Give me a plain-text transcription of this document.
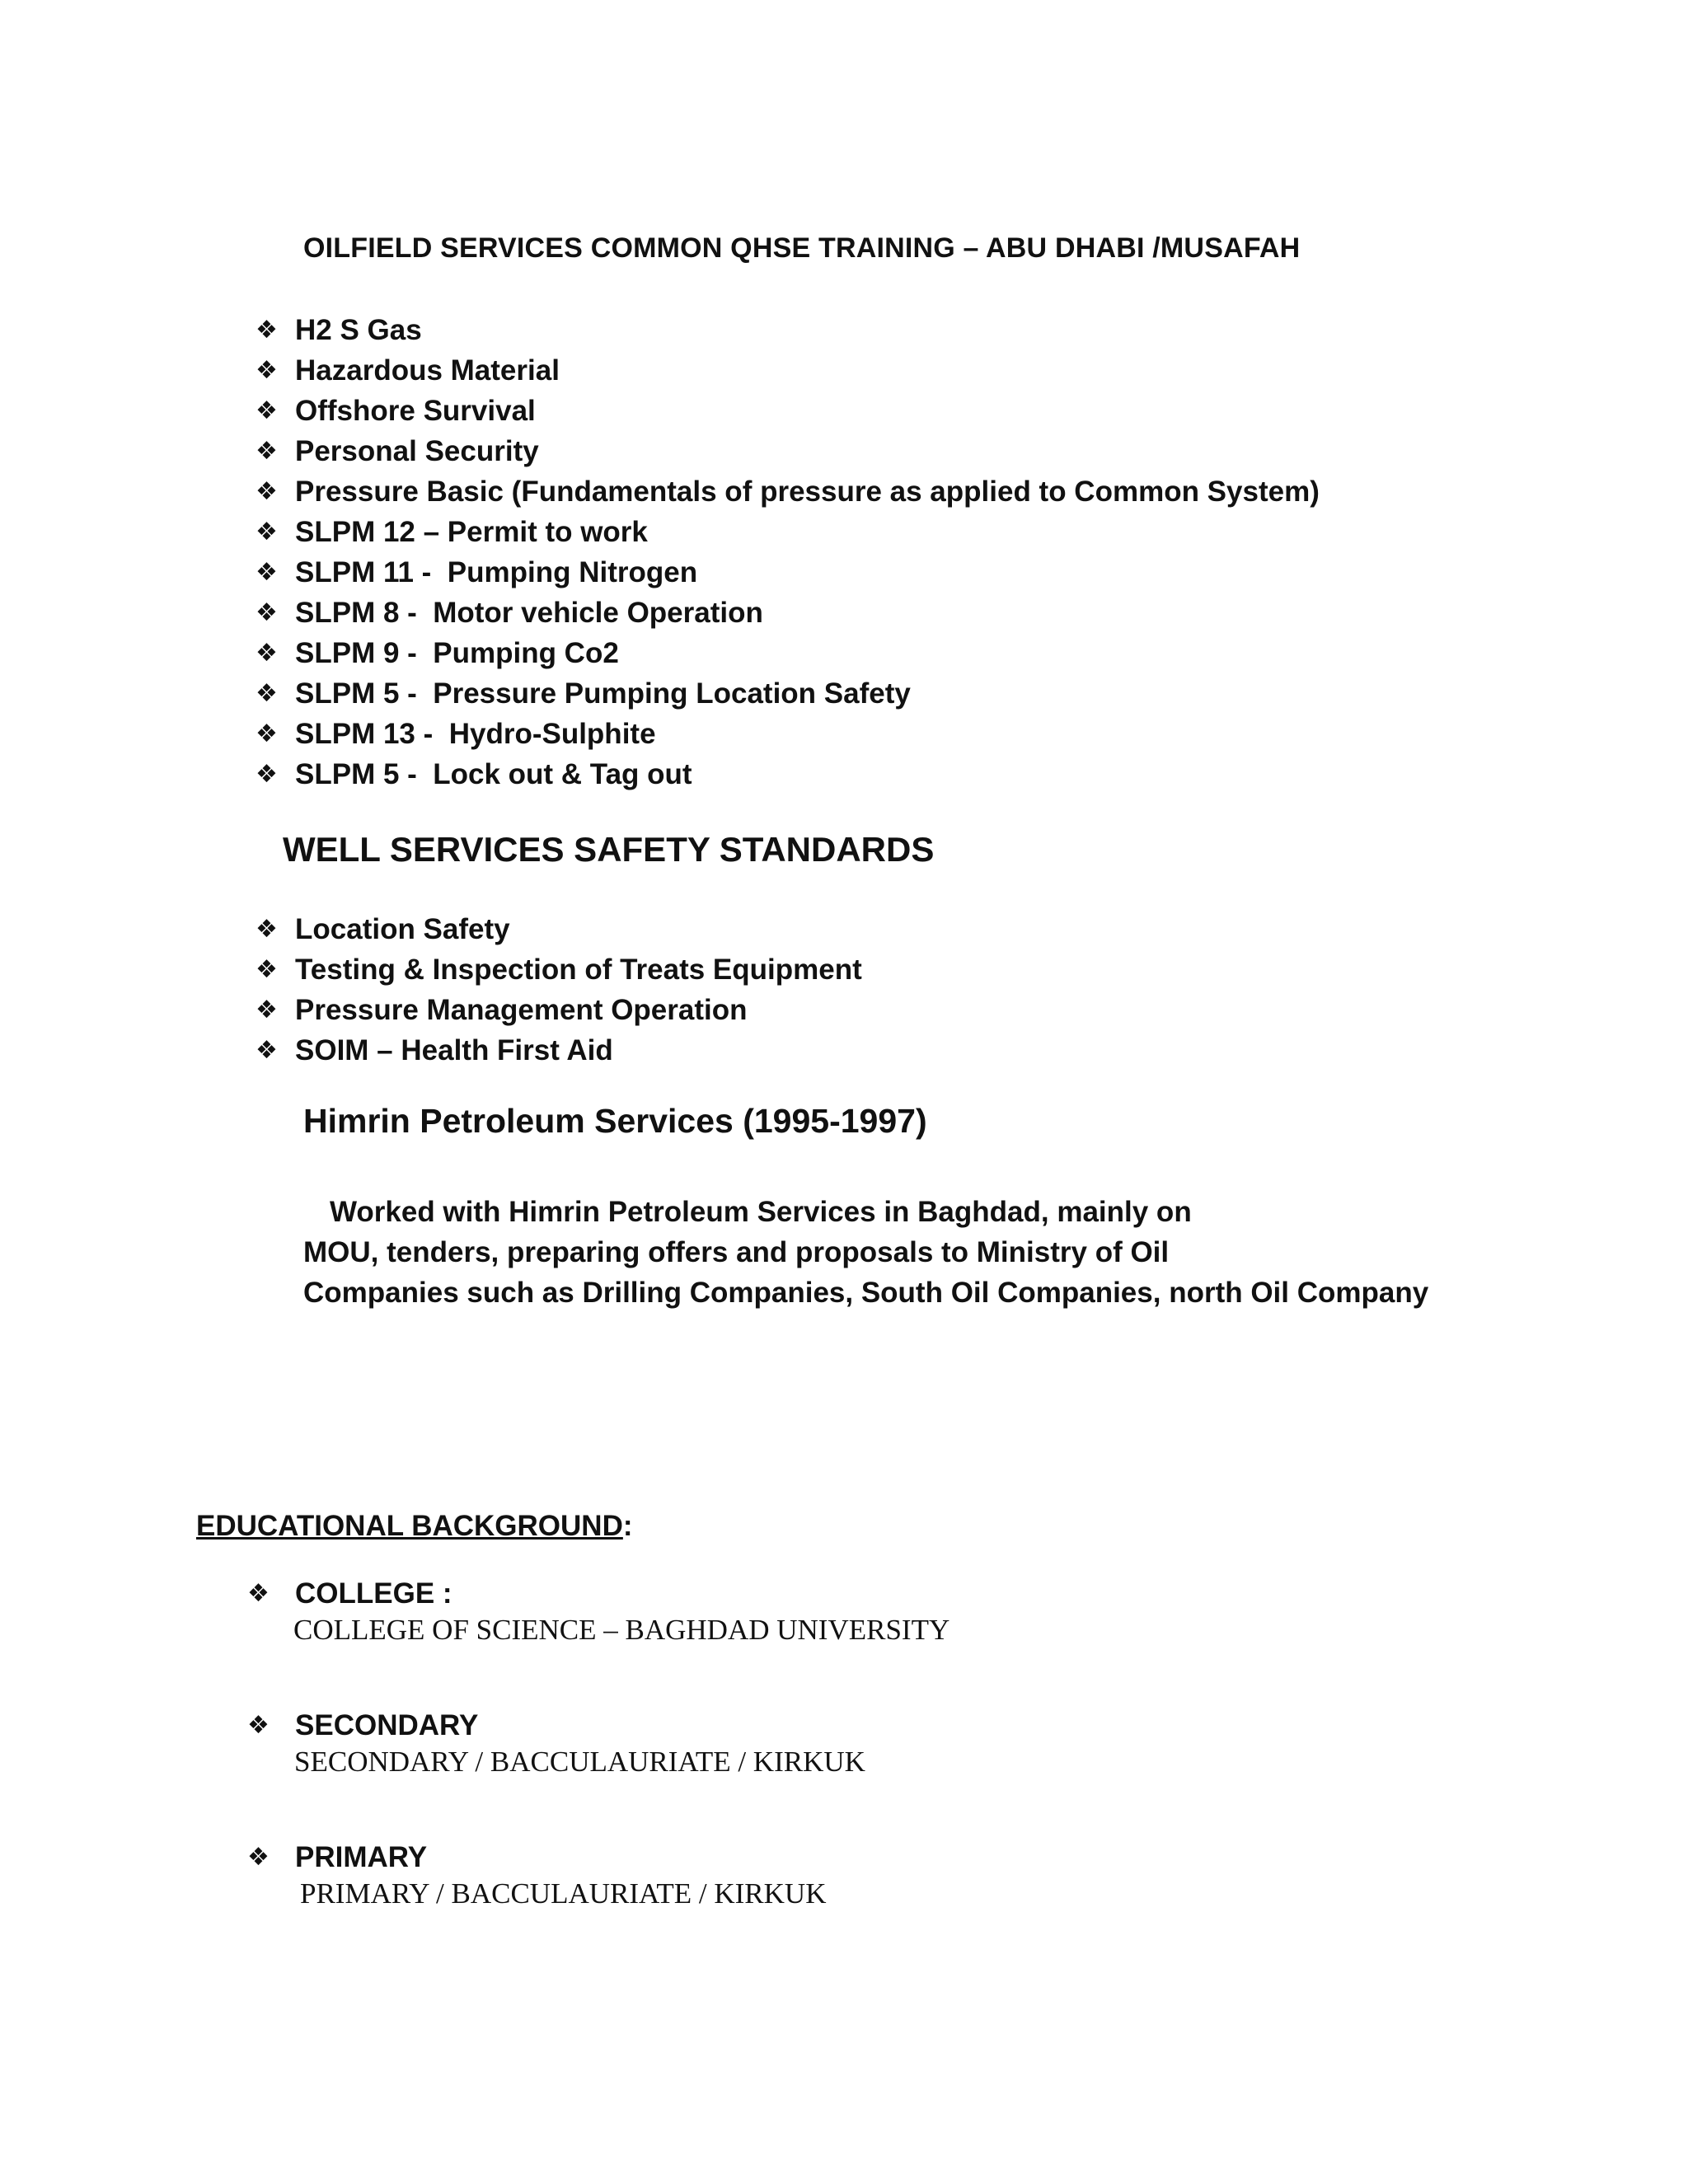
OILFIELD SERVICES COMMON QHSE TRAINING – ABU DHABI /MUSAFAH
❖ H2 S Gas
❖ Hazardous Material
❖ Offshore Survival
❖ Personal Security
❖ Pressure Basic (Fundamentals of pressure as applied to Common System)
❖ SLPM 12 – Permit to work
❖ SLPM 11 -  Pumping Nitrogen
❖ SLPM 8 -  Motor vehicle Operation
❖ SLPM 9 -  Pumping Co2
❖ SLPM 5 -  Pressure Pumping Location Safety
❖ SLPM 13 -  Hydro-Sulphite
❖ SLPM 5 -  Lock out & Tag out
WELL SERVICES SAFETY STANDARDS
❖ Location Safety
❖ Testing & Inspection of Treats Equipment
❖ Pressure Management Operation
❖ SOIM – Health First Aid
Himrin Petroleum Services (1995-1997)
Worked with Himrin Petroleum Services in Baghdad, mainly on
MOU, tenders, preparing offers and proposals to Ministry of Oil
Companies such as Drilling Companies, South Oil Companies, north Oil Company
EDUCATIONAL BACKGROUND:
❖ COLLEGE :
COLLEGE OF SCIENCE – BAGHDAD UNIVERSITY
❖ SECONDARY
SECONDARY / BACCULAURIATE / KIRKUK
❖ PRIMARY
PRIMARY / BACCULAURIATE / KIRKUK
